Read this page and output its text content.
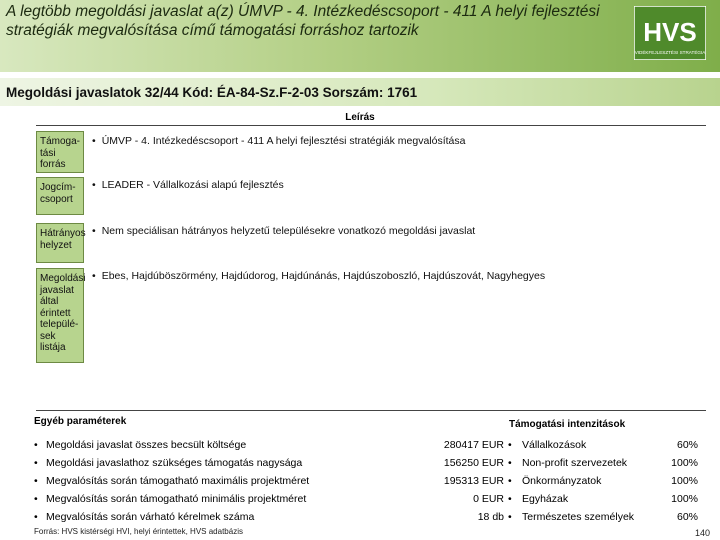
A legtöbb megoldási javaslat a(z) ÚMVP - 4. Intézkedéscsoport - 411 A helyi fejlesztési stratégiák megvalósítása című támogatási forráshoz tartozik	HVS
VIDÉKFEJLESZTÉSI STRATÉGIA
Megoldási javaslatok 32/44 Kód: ÉA-84-Sz.F-2-03 Sorszám: 1761
Leírás
Támoga-tási forrás
• ÚMVP - 4. Intézkedéscsoport - 411 A helyi fejlesztési stratégiák megvalósítása
Jogcím-csoport
• LEADER - Vállalkozási alapú fejlesztés
Hátrányos helyzet
• Nem speciálisan hátrányos helyzetű településekre vonatkozó megoldási javaslat
Megoldási javaslat által érintett települé-sek listája
• Ebes, Hajdúböszörmény, Hajdúdorog, Hajdúnánás, Hajdúszoboszló, Hajdúszovát, Nagyhegyes
Egyéb paraméterek	Támogatási intenzitások
• Megoldási javaslat összes becsült költsége	280417 EUR
• Megoldási javaslathoz szükséges támogatás nagysága	156250 EUR
• Megvalósítás során támogatható maximális projektméret	195313 EUR
• Megvalósítás során támogatható minimális projektméret	0 EUR
• Megvalósítás során várható kérelmek száma	18 db
• Vállalkozások	60%
• Non-profit szervezetek	100%
• Önkormányzatok	100%
• Egyházak	100%
• Természetes személyek	60%
Forrás: HVS kistérségi HVI, helyi érintettek, HVS adatbázis	140
